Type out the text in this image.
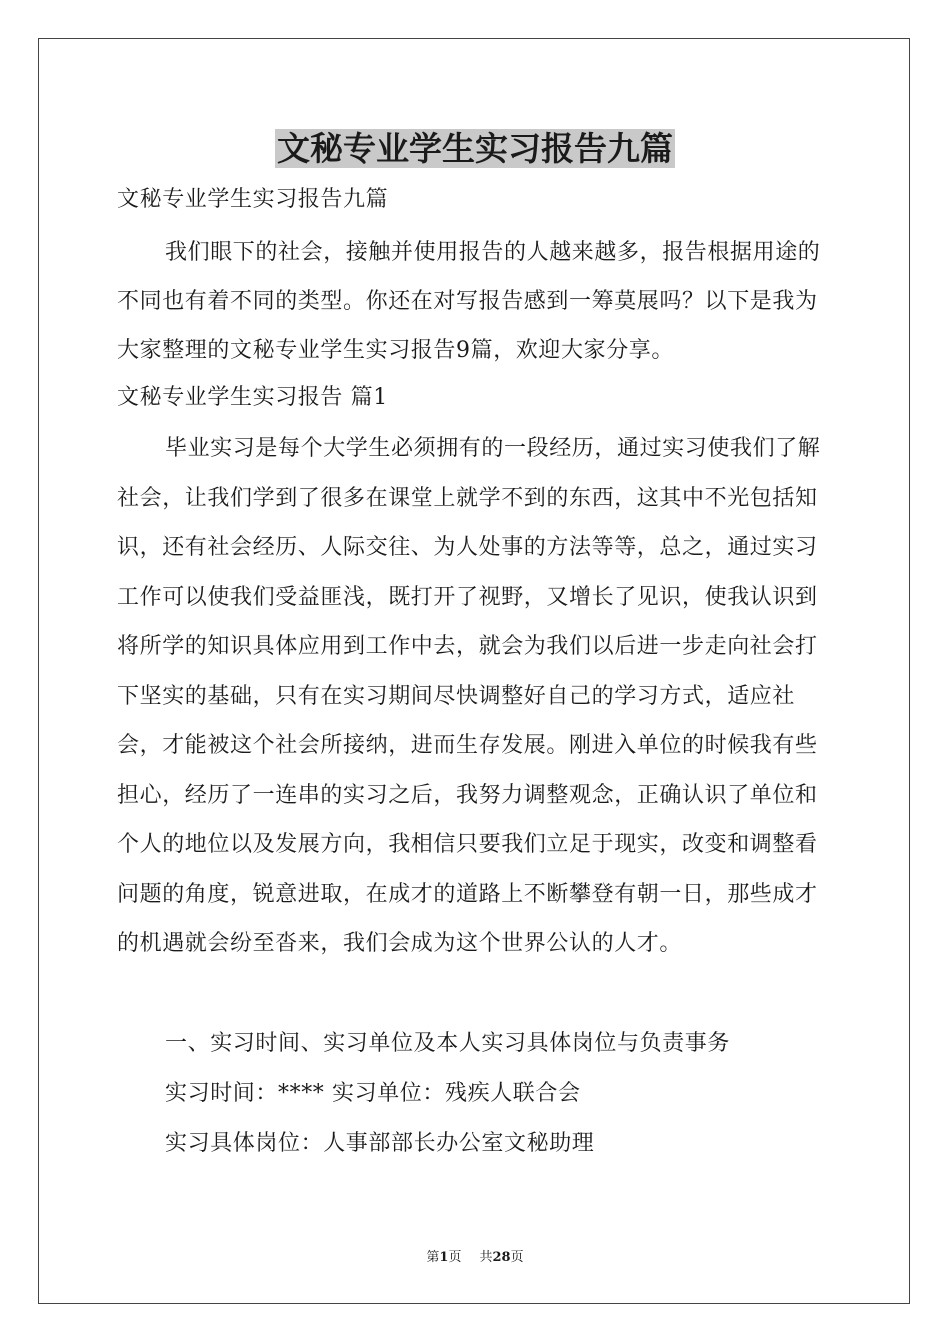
文秘专业学生实习报告九篇
文秘专业学生实习报告九篇
我们眼下的社会，接触并使用报告的人越来越多，报告根据用途的不同也有着不同的类型。你还在对写报告感到一筹莫展吗？以下是我为大家整理的文秘专业学生实习报告9篇，欢迎大家分享。
文秘专业学生实习报告 篇1
毕业实习是每个大学生必须拥有的一段经历，通过实习使我们了解社会，让我们学到了很多在课堂上就学不到的东西，这其中不光包括知识，还有社会经历、人际交往、为人处事的方法等等，总之，通过实习工作可以使我们受益匪浅，既打开了视野，又增长了见识，使我认识到将所学的知识具体应用到工作中去，就会为我们以后进一步走向社会打下坚实的基础，只有在实习期间尽快调整好自己的学习方式，适应社会，才能被这个社会所接纳，进而生存发展。刚进入单位的时候我有些担心，经历了一连串的实习之后，我努力调整观念，正确认识了单位和个人的地位以及发展方向，我相信只要我们立足于现实，改变和调整看问题的角度，锐意进取，在成才的道路上不断攀登有朝一日，那些成才的机遇就会纷至沓来，我们会成为这个世界公认的人才。
一、实习时间、实习单位及本人实习具体岗位与负责事务
实习时间：**** 实习单位：残疾人联合会
实习具体岗位：人事部部长办公室文秘助理
第1页 共28页
